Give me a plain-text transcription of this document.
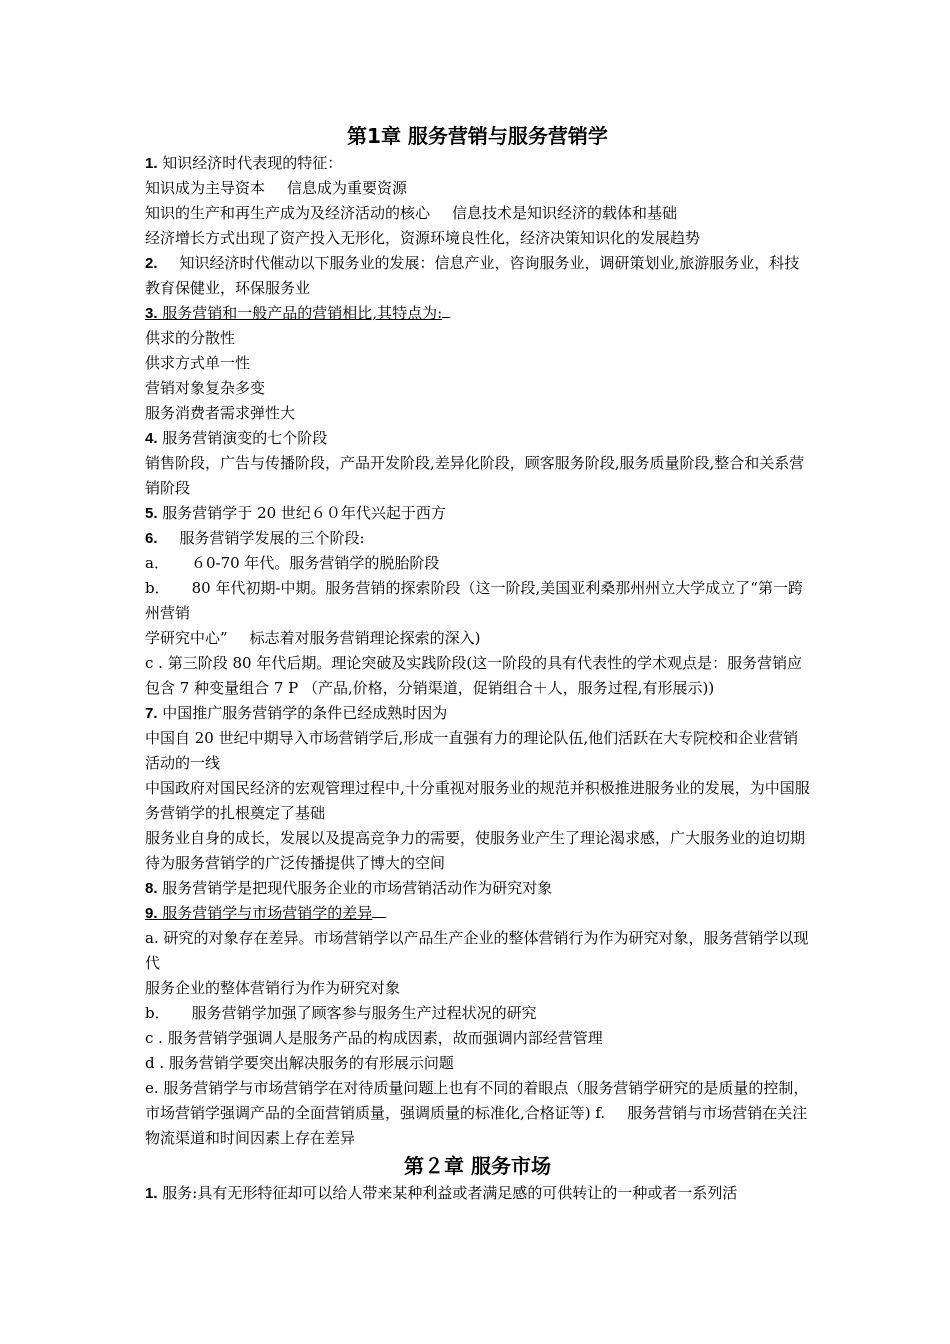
第1章 服务营销与服务营销学

1. 知识经济时代表现的特征：

知识成为主导资本 信息成为重要资源

知识的生产和再生产成为及经济活动的核心 信息技术是知识经济的载体和基础

经济增长方式出现了资产投入无形化，资源环境良性化，经济决策知识化的发展趋势

2. 知识经济时代催动以下服务业的发展：信息产业，咨询服务业，调研策划业,旅游服务业，科技教育保健业，环保服务业

3. 服务营销和一般产品的营销相比,其特点为:

供求的分散性

供求方式单一性

营销对象复杂多变

服务消费者需求弹性大

4. 服务营销演变的七个阶段

销售阶段，广告与传播阶段，产品开发阶段,差异化阶段，顾客服务阶段,服务质量阶段,整合和关系营销阶段

5. 服务营销学于 20 世纪６０年代兴起于西方

6. 服务营销学发展的三个阶段:

a． ６0-70 年代。服务营销学的脱胎阶段

b． 80 年代初期-中期。服务营销的探索阶段（这一阶段,美国亚利桑那州州立大学成立了“第一跨州营销

学研究中心” 标志着对服务营销理论探索的深入)

c . 第三阶段 80 年代后期。理论突破及实践阶段(这一阶段的具有代表性的学术观点是：服务营销应包含 7 种变量组合 7 P （产品,价格，分销渠道，促销组合＋人，服务过程,有形展示))

7. 中国推广服务营销学的条件已经成熟时因为

中国自 20 世纪中期导入市场营销学后,形成一直强有力的理论队伍,他们活跃在大专院校和企业营销活动的一线

中国政府对国民经济的宏观管理过程中,十分重视对服务业的规范并积极推进服务业的发展，为中国服务营销学的扎根奠定了基础

服务业自身的成长，发展以及提高竞争力的需要，使服务业产生了理论渴求感，广大服务业的迫切期待为服务营销学的广泛传播提供了博大的空间

8. 服务营销学是把现代服务企业的市场营销活动作为研究对象

9. 服务营销学与市场营销学的差异

a. 研究的对象存在差异。市场营销学以产品生产企业的整体营销行为作为研究对象，服务营销学以现代

服务企业的整体营销行为作为研究对象

b． 服务营销学加强了顾客参与服务生产过程状况的研究

c . 服务营销学强调人是服务产品的构成因素，故而强调内部经营管理

d . 服务营销学要突出解决服务的有形展示问题

e. 服务营销学与市场营销学在对待质量问题上也有不同的着眼点（服务营销学研究的是质量的控制，市场营销学强调产品的全面营销质量，强调质量的标准化,合格证等) f. 服务营销与市场营销在关注物流渠道和时间因素上存在差异

第２章 服务市场

1. 服务:具有无形特征却可以给人带来某种利益或者满足感的可供转让的一种或者一系列活
